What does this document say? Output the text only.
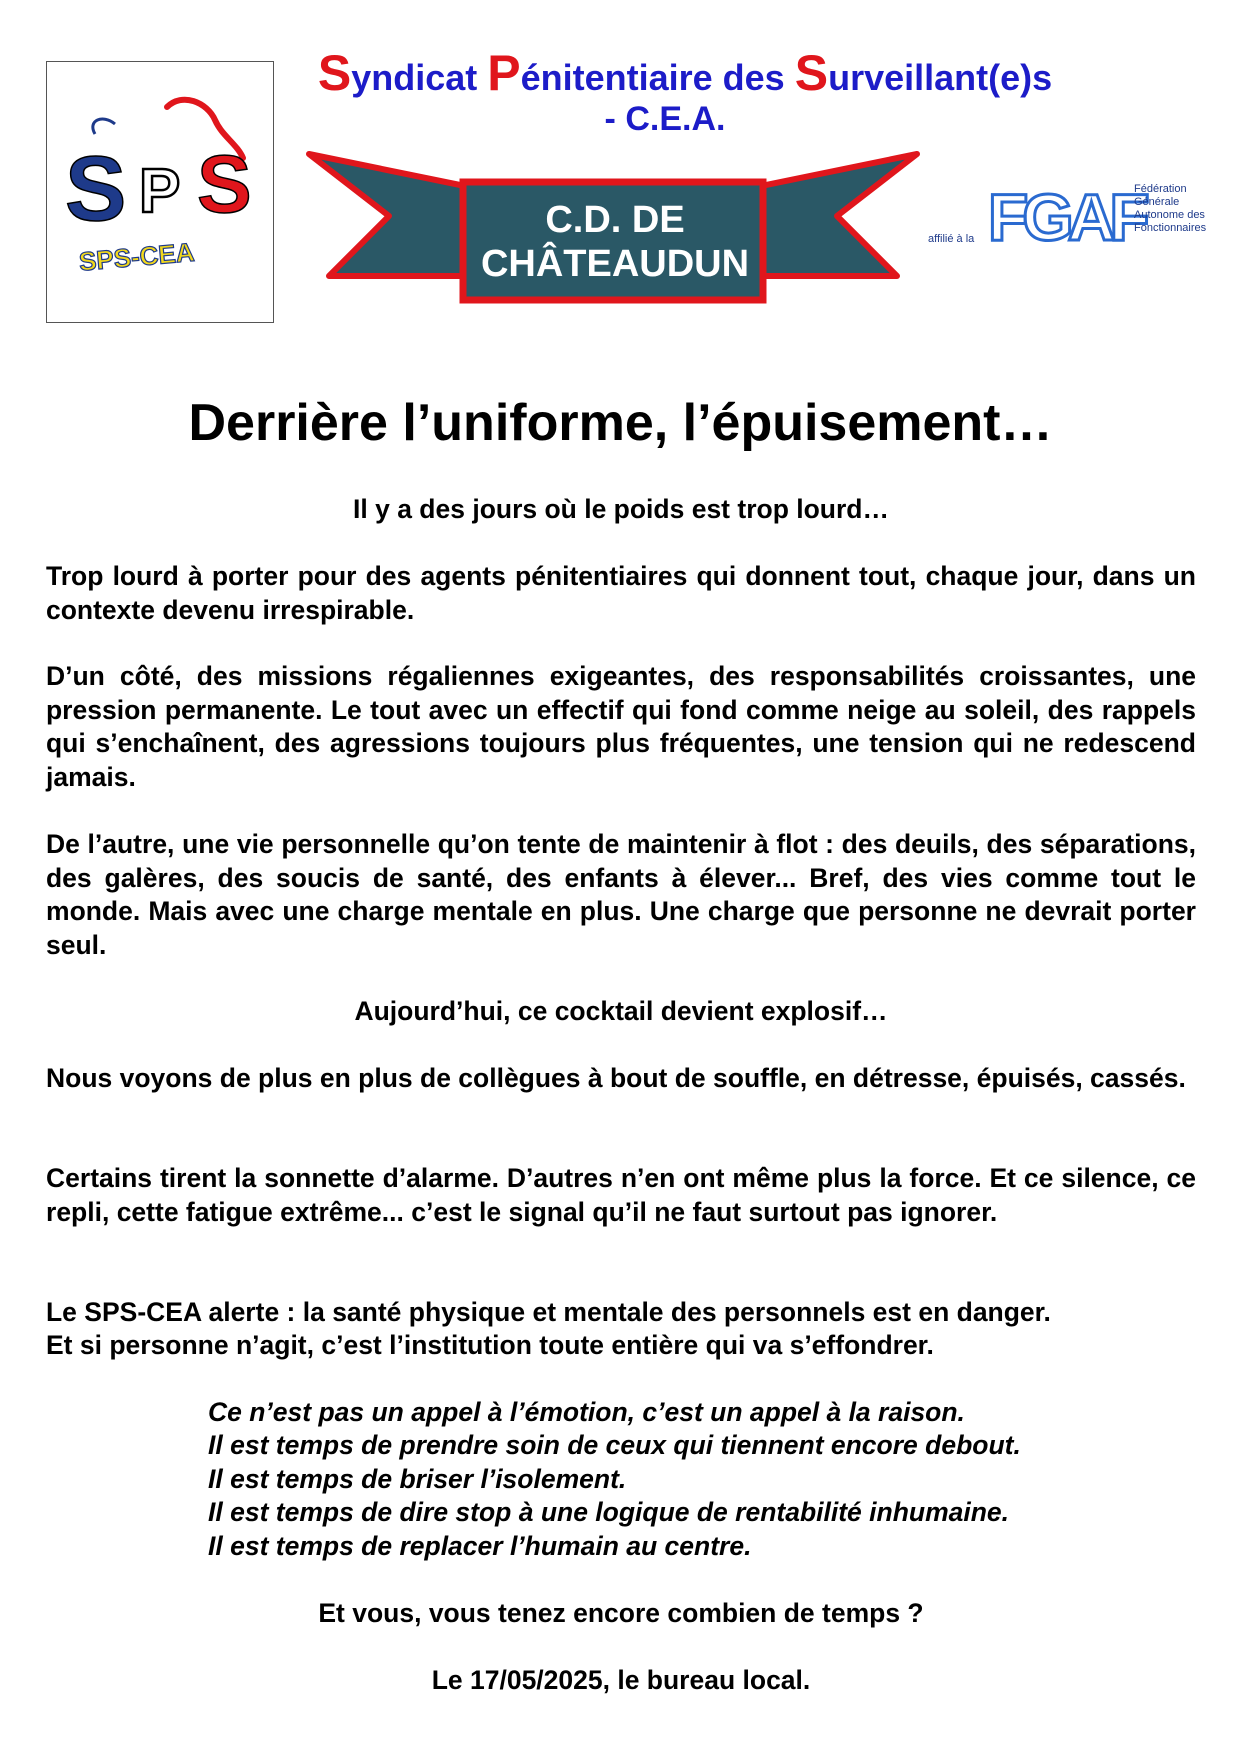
S P S
SPS-CEA
Syndicat Pénitentiaire des Surveillant(e)s
- C.E.A.
C.D. DE
CHÂTEAUDUN
affilié à la FGAF
Fédération
Générale
Autonome des
Fonctionnaires
Derrière l’uniforme, l’épuisement…

Il y a des jours où le poids est trop lourd…

Trop lourd à porter pour des agents pénitentiaires qui donnent tout, chaque jour, dans un contexte devenu irrespirable.

D’un côté, des missions régaliennes exigeantes, des responsabilités croissantes, une pression permanente. Le tout avec un effectif qui fond comme neige au soleil, des rappels qui s’enchaînent, des agressions toujours plus fréquentes, une tension qui ne redescend jamais.

De l’autre, une vie personnelle qu’on tente de maintenir à flot : des deuils, des séparations, des galères, des soucis de santé, des enfants à élever... Bref, des vies comme tout le monde. Mais avec une charge mentale en plus. Une charge que personne ne devrait porter seul.

Aujourd’hui, ce cocktail devient explosif…

Nous voyons de plus en plus de collègues à bout de souffle, en détresse, épuisés, cassés.

Certains tirent la sonnette d’alarme. D’autres n’en ont même plus la force. Et ce silence, ce repli, cette fatigue extrême... c’est le signal qu’il ne faut surtout pas ignorer.

Le SPS-CEA alerte : la santé physique et mentale des personnels est en danger.

Et si personne n’agit, c’est l’institution toute entière qui va s’effondrer.

Ce n’est pas un appel à l’émotion, c’est un appel à la raison.

Il est temps de prendre soin de ceux qui tiennent encore debout.

Il est temps de briser l’isolement.

Il est temps de dire stop à une logique de rentabilité inhumaine.

Il est temps de replacer l’humain au centre.

Et vous, vous tenez encore combien de temps ?

Le 17/05/2025, le bureau local.
